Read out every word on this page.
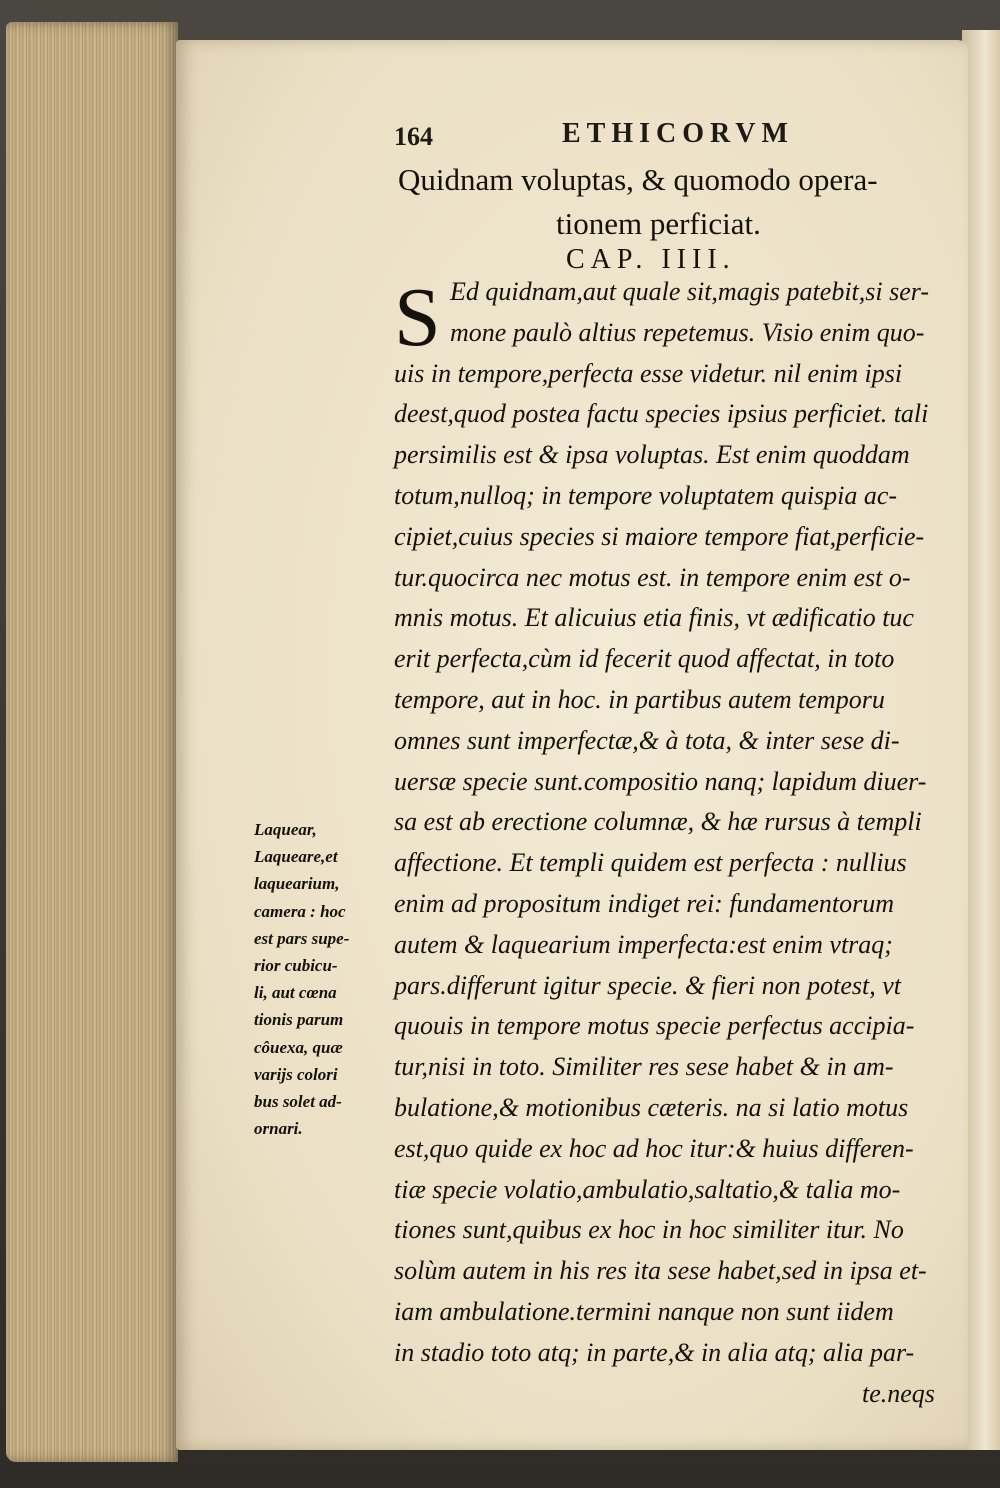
164	ETHICORVM
Quidnam voluptas, & quomodo opera-
tionem perficiat.
CAP. IIII.
S Ed quidnam,aut quale sit,magis patebit,si ser-
mone paulò altius repetemus. Visio enim quo-
uis in tempore,perfecta esse videtur. nil enim ipsi
deest,quod postea factu species ipsius perficiet. tali
persimilis est & ipsa voluptas. Est enim quoddam
totum,nulloq; in tempore voluptatem quispia ac-
cipiet,cuius species si maiore tempore fiat,perficie-
tur.quocirca nec motus est. in tempore enim est o-
mnis motus. Et alicuius etia finis, vt ædificatio tuc
erit perfecta,cùm id fecerit quod affectat, in toto
tempore, aut in hoc. in partibus autem temporu
omnes sunt imperfectæ,& à tota, & inter sese di-
uersæ specie sunt.compositio nanq; lapidum diuer-
sa est ab erectione columnæ, & hæ rursus à templi
affectione. Et templi quidem est perfecta : nullius
enim ad propositum indiget rei: fundamentorum
autem & laquearium imperfecta:est enim vtraq;
pars.differunt igitur specie. & fieri non potest, vt
quouis in tempore motus specie perfectus accipia-
tur,nisi in toto. Similiter res sese habet & in am-
bulatione,& motionibus cæteris. na si latio motus
est,quo quide ex hoc ad hoc itur:& huius differen-
tiæ specie volatio,ambulatio,saltatio,& talia mo-
tiones sunt,quibus ex hoc in hoc similiter itur. No
solùm autem in his res ita sese habet,sed in ipsa et-
iam ambulatione.termini nanque non sunt iidem
in stadio toto atq; in parte,& in alia atq; alia par-
te.neqs
Laquear,
Laqueare,et
laquearium,
camera : hoc
est pars supe-
rior cubicu-
li, aut cœna
tionis parum
côuexa, quæ
varijs colori
bus solet ad-
ornari.
